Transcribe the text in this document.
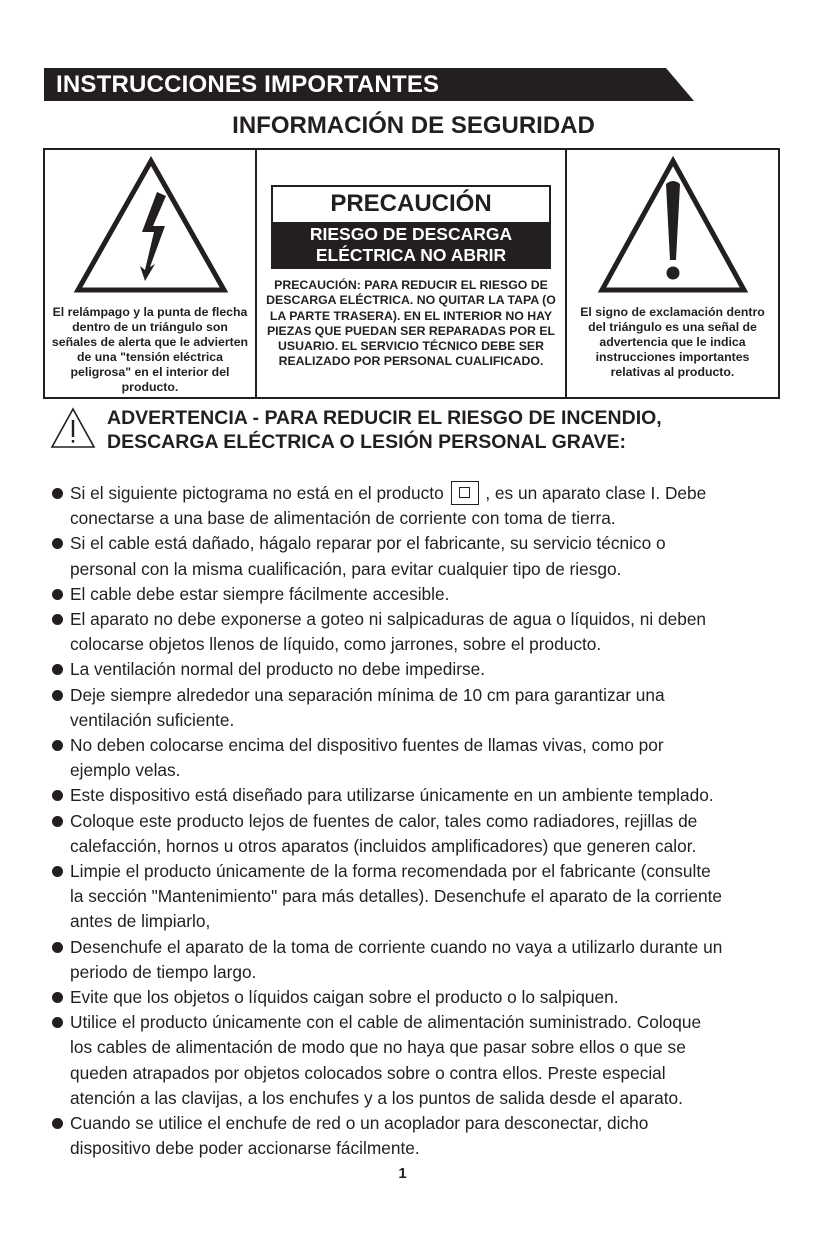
INSTRUCCIONES IMPORTANTES
INFORMACIÓN DE SEGURIDAD
El relámpago y la punta de flecha dentro de un triángulo son señales de alerta que le advierten de una "tensión eléctrica peligrosa" en el interior del producto.
PRECAUCIÓN
RIESGO DE DESCARGA ELÉCTRICA NO ABRIR
PRECAUCIÓN: PARA REDUCIR EL RIESGO DE DESCARGA ELÉCTRICA. NO QUITAR LA TAPA (O LA PARTE TRASERA). EN EL INTERIOR NO HAY PIEZAS QUE PUEDAN SER REPARADAS POR EL USUARIO. EL SERVICIO TÉCNICO DEBE SER REALIZADO POR PERSONAL CUALIFICADO.
El signo de exclamación dentro del triángulo es una señal de advertencia que le indica instrucciones importantes relativas al producto.
ADVERTENCIA - PARA REDUCIR EL RIESGO DE INCENDIO,
DESCARGA ELÉCTRICA O LESIÓN PERSONAL GRAVE:
Si el siguiente pictograma no está en el producto  , es un aparato clase I. Debe
conectarse a una base de alimentación de corriente con toma de tierra.
Si el cable está dañado, hágalo reparar por el fabricante, su servicio técnico o
personal con la misma cualificación, para evitar cualquier tipo de riesgo.
El cable debe estar siempre fácilmente accesible.
El aparato no debe exponerse a goteo ni salpicaduras de agua o líquidos, ni deben
colocarse objetos llenos de líquido, como jarrones, sobre el producto.
La ventilación normal del producto no debe impedirse.
Deje siempre alrededor una separación mínima de 10 cm para garantizar una
ventilación suficiente.
No deben colocarse encima del dispositivo fuentes de llamas vivas, como por
ejemplo velas.
Este dispositivo está diseñado para utilizarse únicamente en un ambiente templado.
Coloque este producto lejos de fuentes de calor, tales como radiadores, rejillas de
calefacción, hornos u otros aparatos (incluidos amplificadores) que generen calor.
Limpie el producto únicamente de la forma recomendada por el fabricante (consulte
la sección "Mantenimiento" para más detalles). Desenchufe el aparato de la corriente
antes de limpiarlo,
Desenchufe el aparato de la toma de corriente cuando no vaya a utilizarlo durante un
periodo de tiempo largo.
Evite que los objetos o líquidos caigan sobre el producto o lo salpiquen.
Utilice el producto únicamente con el cable de alimentación suministrado. Coloque
los cables de alimentación de modo que no haya que pasar sobre ellos o que se
queden atrapados por objetos colocados sobre o contra ellos. Preste especial
atención a las clavijas, a los enchufes y a los puntos de salida desde el aparato.
Cuando se utilice el enchufe de red o un acoplador para desconectar, dicho
dispositivo debe poder accionarse fácilmente.
1
